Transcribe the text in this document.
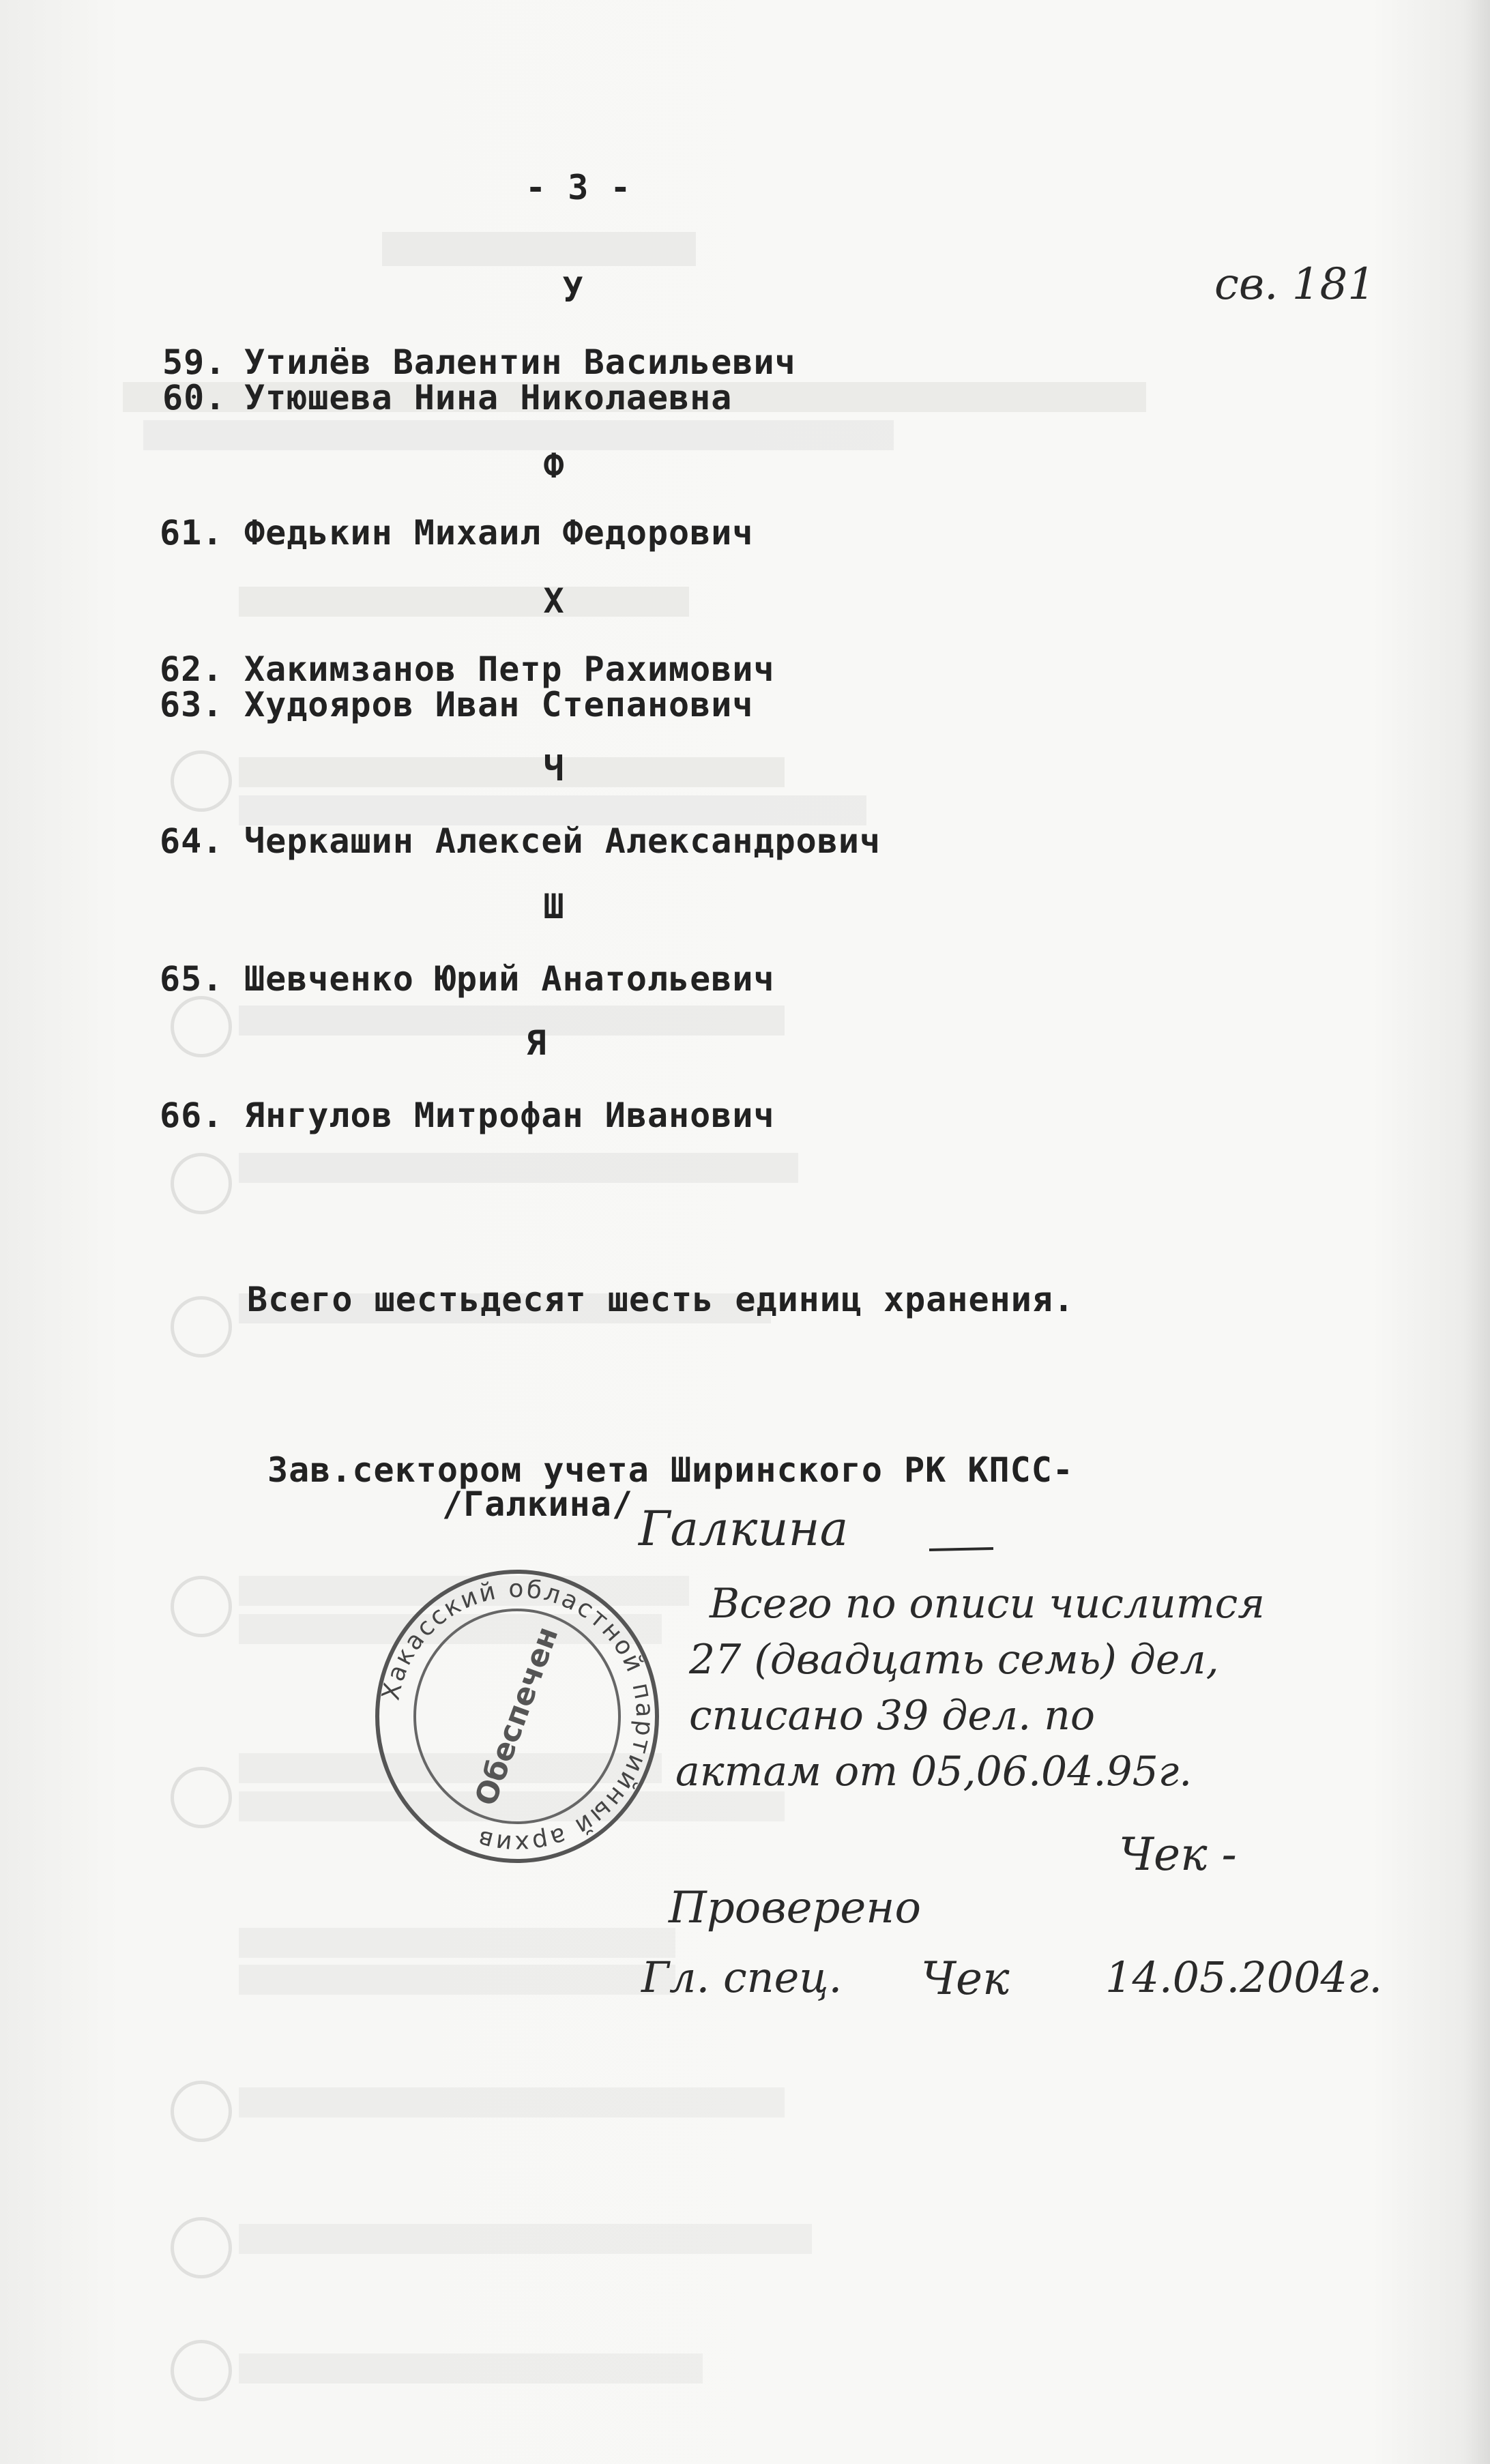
- 3 -
св. 181
У
59. Утилёв Валентин Васильевич
60. Утюшева Нина Николаевна
Ф
61. Федькин Михаил Федорович
Х
62. Хакимзанов Петр Рахимович
63. Худояров Иван Степанович
Ч
64. Черкашин Алексей Александрович
Ш
65. Шевченко Юрий Анатольевич
Я
66. Янгулов Митрофан Иванович
Всего шестьдесят шесть единиц хранения.
Зав.сектором учета Ширинского РК КПСС-
/Галкина/ Галкина
Хакасский областной партийный архив
Обеспечен
Всего по описи числится
27 (двадцать семь) дел,
списано 39 дел. по
актам от 05,06.04.95г.
Чек -
Проверено
Гл. спец. Чек 14.05.2004г.
